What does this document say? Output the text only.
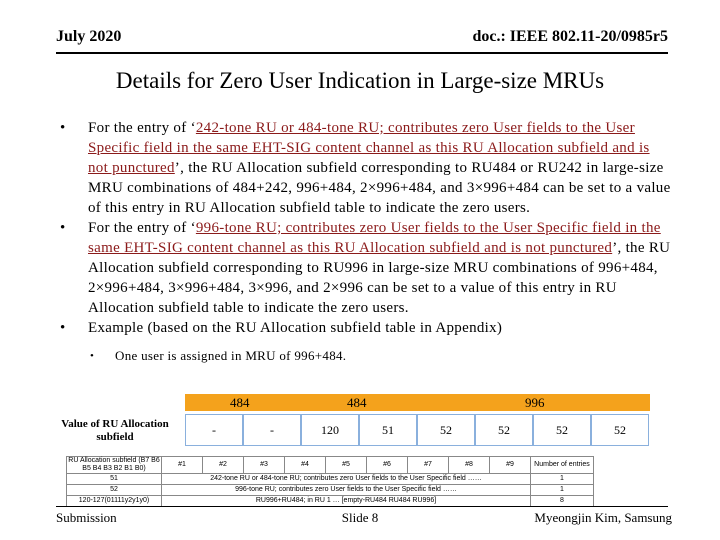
July 2020	doc.: IEEE 802.11-20/0985r5
Details for Zero User Indication in Large-size MRUs

• For the entry of ‘242-tone RU or 484-tone RU; contributes zero User fields to the User Specific field in the same EHT-SIG content channel as this RU Allocation subfield and is not punctured’, the RU Allocation subfield corresponding to RU484 or RU242 in large-size MRU combinations of 484+242, 996+484, 2×996+484, and 3×996+484 can be set to a value of this entry in RU Allocation subfield table to indicate the zero users.

• For the entry of ‘996-tone RU; contributes zero User fields to the User Specific field in the same EHT-SIG content channel as this RU Allocation subfield and is not punctured’, the RU Allocation subfield corresponding to RU996 in large-size MRU combinations of 996+484, 2×996+484, 3×996+484, 3×996, and 2×996 can be set to a value of this entry in RU Allocation subfield table to indicate the zero users.

• Example (based on the RU Allocation subfield table in Appendix)

• One user is assigned in MRU of 996+484.

484	484	996
Value of RU Allocation subfield	-	-	120	51	52	52	52	52
RU Allocation subfield (B7 B6 B5 B4 B3 B2 B1 B0)	#1	#2	#3	#4	#5	#6	#7	#8	#9	Number of entries
51	242-tone RU or 484-tone RU; contributes zero User fields to the User Specific field ……									1
52	996-tone RU; contributes zero User fields to the User Specific field ……									1
120-127(01111y2y1y0)	RU996+RU484; in RU 1 … [empty-RU484 RU484 RU996]									8
Submission	Slide 8	Myeongjin Kim, Samsung
